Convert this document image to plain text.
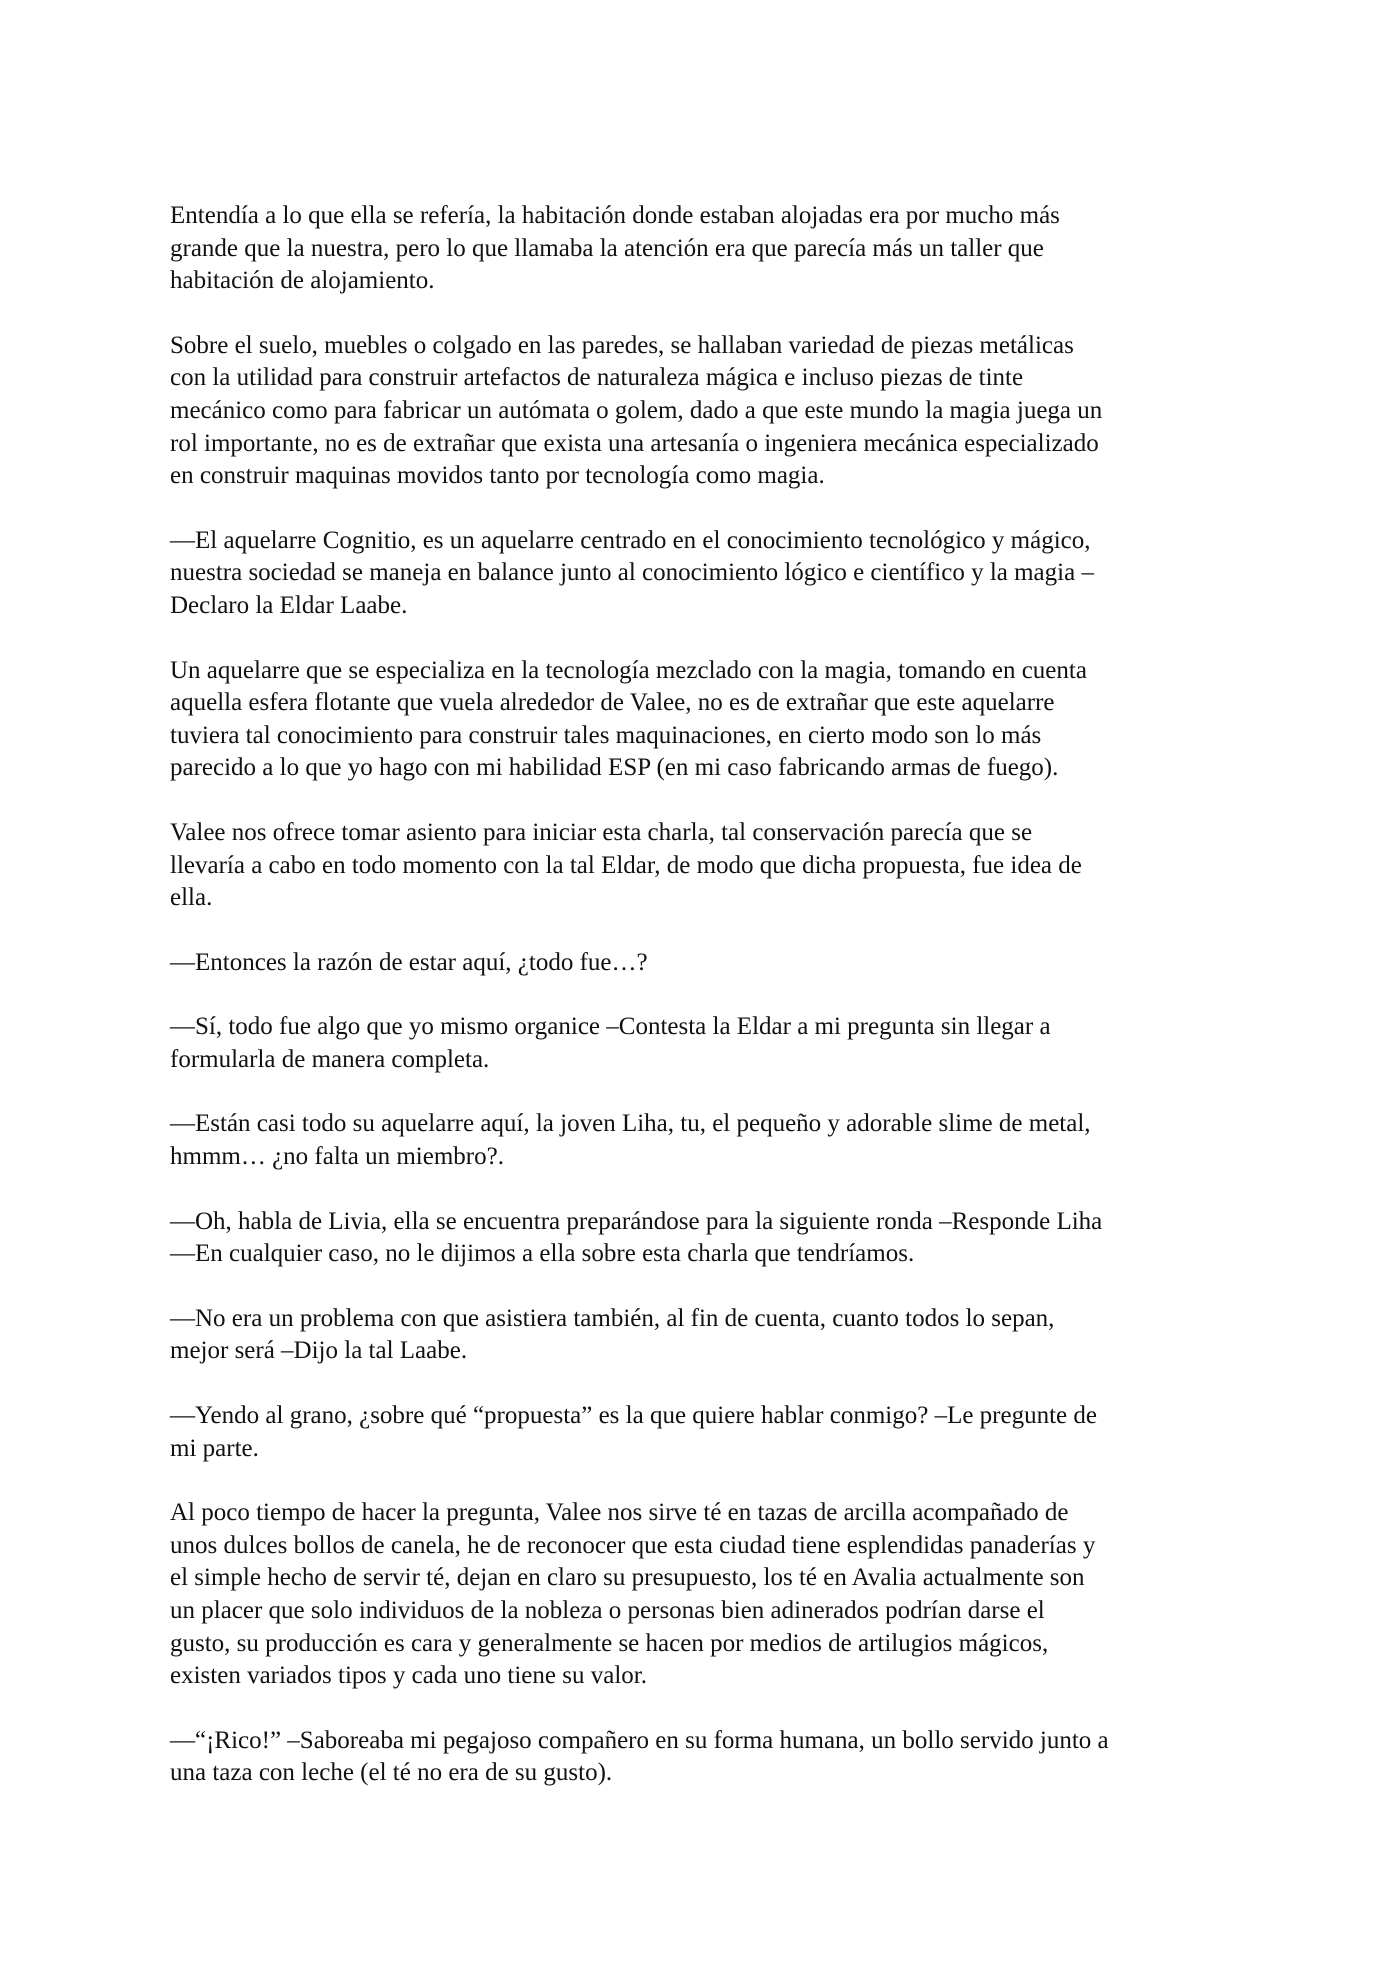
Entendía a lo que ella se refería, la habitación donde estaban alojadas era por mucho más
grande que la nuestra, pero lo que llamaba la atención era que parecía más un taller que
habitación de alojamiento.

Sobre el suelo, muebles o colgado en las paredes, se hallaban variedad de piezas metálicas
con la utilidad para construir artefactos de naturaleza mágica e incluso piezas de tinte
mecánico como para fabricar un autómata o golem, dado a que este mundo la magia juega un
rol importante, no es de extrañar que exista una artesanía o ingeniera mecánica especializado
en construir maquinas movidos tanto por tecnología como magia.

—El aquelarre Cognitio, es un aquelarre centrado en el conocimiento tecnológico y mágico,
nuestra sociedad se maneja en balance junto al conocimiento lógico e científico y la magia –
Declaro la Eldar Laabe.

Un aquelarre que se especializa en la tecnología mezclado con la magia, tomando en cuenta
aquella esfera flotante que vuela alrededor de Valee, no es de extrañar que este aquelarre
tuviera tal conocimiento para construir tales maquinaciones, en cierto modo son lo más
parecido a lo que yo hago con mi habilidad ESP (en mi caso fabricando armas de fuego).

Valee nos ofrece tomar asiento para iniciar esta charla, tal conservación parecía que se
llevaría a cabo en todo momento con la tal Eldar, de modo que dicha propuesta, fue idea de
ella.

—Entonces la razón de estar aquí, ¿todo fue…?

—Sí, todo fue algo que yo mismo organice –Contesta la Eldar a mi pregunta sin llegar a
formularla de manera completa.

—Están casi todo su aquelarre aquí, la joven Liha, tu, el pequeño y adorable slime de metal,
hmmm… ¿no falta un miembro?.

—Oh, habla de Livia, ella se encuentra preparándose para la siguiente ronda –Responde Liha
—En cualquier caso, no le dijimos a ella sobre esta charla que tendríamos.

—No era un problema con que asistiera también, al fin de cuenta, cuanto todos lo sepan,
mejor será –Dijo la tal Laabe.

—Yendo al grano, ¿sobre qué “propuesta” es la que quiere hablar conmigo? –Le pregunte de
mi parte.

Al poco tiempo de hacer la pregunta, Valee nos sirve té en tazas de arcilla acompañado de
unos dulces bollos de canela, he de reconocer que esta ciudad tiene esplendidas panaderías y
el simple hecho de servir té, dejan en claro su presupuesto, los té en Avalia actualmente son
un placer que solo individuos de la nobleza o personas bien adinerados podrían darse el
gusto, su producción es cara y generalmente se hacen por medios de artilugios mágicos,
existen variados tipos y cada uno tiene su valor.

—“¡Rico!” –Saboreaba mi pegajoso compañero en su forma humana, un bollo servido junto a
una taza con leche (el té no era de su gusto).
